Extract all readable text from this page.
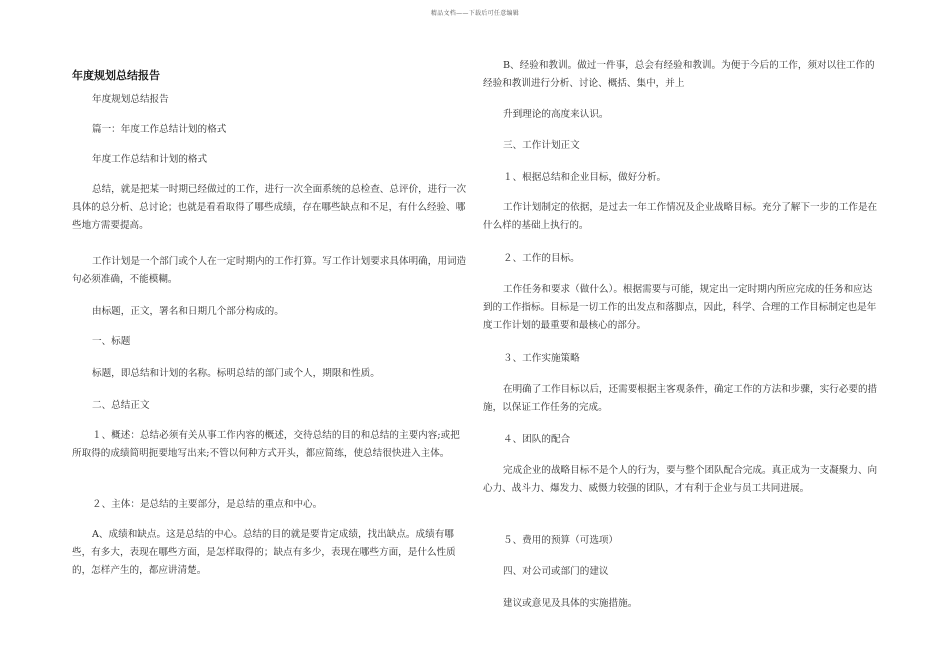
精品文档——下载后可任意编辑
年度规划总结报告
年度规划总结报告
篇一：年度工作总结计划的格式
年度工作总结和计划的格式
总结，就是把某一时期已经做过的工作，进行一次全面系统的总检查、总评价，进行一次具体的总分析、总讨论；也就是看看取得了哪些成绩，存在哪些缺点和不足，有什么经验、哪些地方需要提高。
工作计划是一个部门或个人在一定时期内的工作打算。写工作计划要求具体明确，用词造句必须准确，不能模糊。
由标题，正文，署名和日期几个部分构成的。
一、标题
标题，即总结和计划的名称。标明总结的部门或个人，期限和性质。
二、总结正文
１、概述：总结必须有关从事工作内容的概述，交待总结的目的和总结的主要内容;或把所取得的成绩简明扼要地写出来;不管以何种方式开头，都应简练，使总结很快进入主体。
２、主体：是总结的主要部分，是总结的重点和中心。
A、成绩和缺点。这是总结的中心。总结的目的就是要肯定成绩，找出缺点。成绩有哪些，有多大，表现在哪些方面，是怎样取得的；缺点有多少，表现在哪些方面，是什么性质的，怎样产生的，都应讲清楚。
B、经验和教训。做过一件事，总会有经验和教训。为便于今后的工作，须对以往工作的经验和教训进行分析、讨论、概括、集中，并上
升到理论的高度来认识。
三、工作计划正文
１、根据总结和企业目标，做好分析。
工作计划制定的依据，是过去一年工作情况及企业战略目标。充分了解下一步的工作是在什么样的基础上执行的。
２、工作的目标。
工作任务和要求（做什么）。根据需要与可能，规定出一定时期内所应完成的任务和应达到的工作指标。目标是一切工作的出发点和落脚点，因此，科学、合理的工作目标制定也是年度工作计划的最重要和最核心的部分。
３、工作实施策略
在明确了工作目标以后，还需要根据主客观条件，确定工作的方法和步骤，实行必要的措施，以保证工作任务的完成。
４、团队的配合
完成企业的战略目标不是个人的行为，要与整个团队配合完成。真正成为一支凝聚力、向心力、战斗力、爆发力、威慑力较强的团队，才有利于企业与员工共同进展。
５、费用的预算（可选项）
四、对公司或部门的建议
建议或意见及具体的实施措施。
